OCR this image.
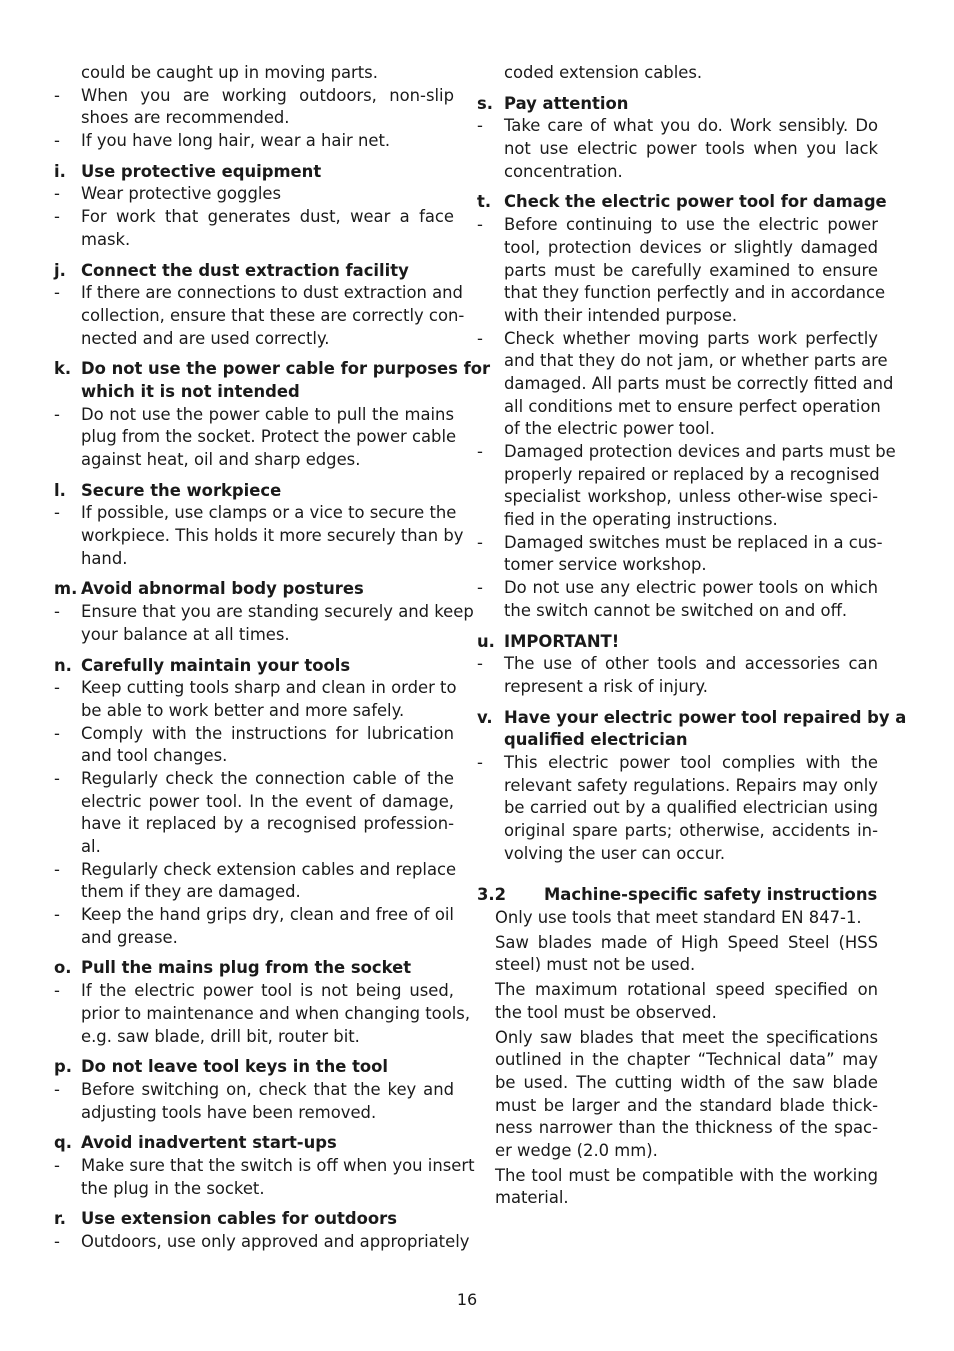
could be caught up in moving parts.
- When you are working outdoors, non-slip
shoes are recommended.
- If you have long hair, wear a hair net.
i. Use protective equipment
- Wear protective goggles
- For work that generates dust, wear a face
mask.
j. Connect the dust extraction facility
- If there are connections to dust extraction and
collection, ensure that these are correctly con-
nected and are used correctly.
k. Do not use the power cable for purposes for
which it is not intended
- Do not use the power cable to pull the mains
plug from the socket. Protect the power cable
against heat, oil and sharp edges.
l. Secure the workpiece
- If possible, use clamps or a vice to secure the
workpiece. This holds it more securely than by
hand.
m. Avoid abnormal body postures
- Ensure that you are standing securely and keep
your balance at all times.
n. Carefully maintain your tools
- Keep cutting tools sharp and clean in order to
be able to work better and more safely.
- Comply with the instructions for lubrication
and tool changes.
- Regularly check the connection cable of the
electric power tool. In the event of damage,
have it replaced by a recognised profession-
al.
- Regularly check extension cables and replace
them if they are damaged.
- Keep the hand grips dry, clean and free of oil
and grease.
o. Pull the mains plug from the socket
- If the electric power tool is not being used,
prior to maintenance and when changing tools,
e.g. saw blade, drill bit, router bit.
p. Do not leave tool keys in the tool
- Before switching on, check that the key and
adjusting tools have been removed.
q. Avoid inadvertent start-ups
- Make sure that the switch is off when you insert
the plug in the socket.
r. Use extension cables for outdoors
- Outdoors, use only approved and appropriately
coded extension cables.
s. Pay attention
- Take care of what you do. Work sensibly. Do
not use electric power tools when you lack
concentration.
t. Check the electric power tool for damage
- Before continuing to use the electric power
tool, protection devices or slightly damaged
parts must be carefully examined to ensure
that they function perfectly and in accordance
with their intended purpose.
- Check whether moving parts work perfectly
and that they do not jam, or whether parts are
damaged. All parts must be correctly fitted and
all conditions met to ensure perfect operation
of the electric power tool.
- Damaged protection devices and parts must be
properly repaired or replaced by a recognised
specialist workshop, unless other-wise speci-
fied in the operating instructions.
- Damaged switches must be replaced in a cus-
tomer service workshop.
- Do not use any electric power tools on which
the switch cannot be switched on and off.
u. IMPORTANT!
- The use of other tools and accessories can
represent a risk of injury.
v. Have your electric power tool repaired by a
qualified electrician
- This electric power tool complies with the
relevant safety regulations. Repairs may only
be carried out by a qualified electrician using
original spare parts; otherwise, accidents in-
volving the user can occur.
3.2 Machine-specific safety instructions
Only use tools that meet standard EN 847-1.
Saw blades made of High Speed Steel (HSS
steel) must not be used.
The maximum rotational speed specified on
the tool must be observed.
Only saw blades that meet the specifications
outlined in the chapter “Technical data” may
be used. The cutting width of the saw blade
must be larger and the standard blade thick-
ness narrower than the thickness of the spac-
er wedge (2.0 mm).
The tool must be compatible with the working
material.
16
